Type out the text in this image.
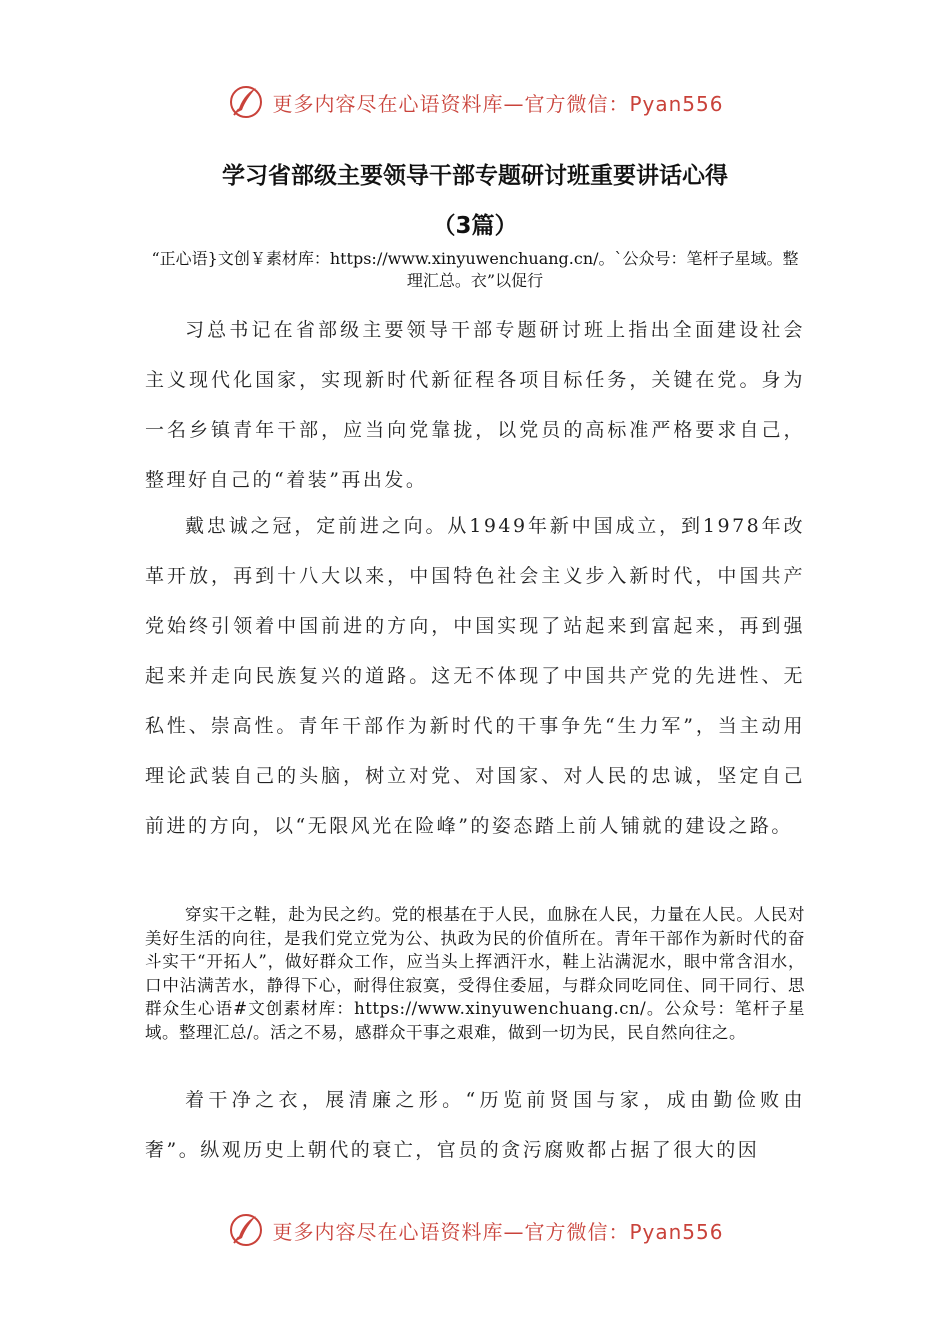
更多内容尽在心语资料库—官方微信：Pyan556
学习省部级主要领导干部专题研讨班重要讲话心得
（3篇）
“正心语}文创￥素材库：https://www.xinyuwenchuang.cn/。`公众号：笔杆子星域。整理汇总。衣”以促行

习总书记在省部级主要领导干部专题研讨班上指出全面建设社会主义现代化国家，实现新时代新征程各项目标任务，关键在党。身为一名乡镇青年干部，应当向党靠拢，以党员的高标准严格要求自己，整理好自己的“着装”再出发。

戴忠诚之冠，定前进之向。从1949年新中国成立，到1978年改革开放，再到十八大以来，中国特色社会主义步入新时代，中国共产党始终引领着中国前进的方向，中国实现了站起来到富起来，再到强起来并走向民族复兴的道路。这无不体现了中国共产党的先进性、无私性、崇高性。青年干部作为新时代的干事争先“生力军”，当主动用理论武装自己的头脑，树立对党、对国家、对人民的忠诚，坚定自己前进的方向，以“无限风光在险峰”的姿态踏上前人铺就的建设之路。

穿实干之鞋，赴为民之约。党的根基在于人民，血脉在人民，力量在人民。人民对美好生活的向往，是我们党立党为公、执政为民的价值所在。青年干部作为新时代的奋斗实干“开拓人”，做好群众工作，应当头上挥洒汗水，鞋上沾满泥水，眼中常含泪水，口中沾满苦水，静得下心，耐得住寂寞，受得住委屈，与群众同吃同住、同干同行、思群众生心语#文创素材库：https://www.xinyuwenchuang.cn/。公众号：笔杆子星域。整理汇总/。活之不易，感群众干事之艰难，做到一切为民，民自然向往之。

着干净之衣，展清廉之形。“历览前贤国与家，成由勤俭败由奢”。纵观历史上朝代的衰亡，官员的贪污腐败都占据了很大的因

更多内容尽在心语资料库—官方微信：Pyan556
